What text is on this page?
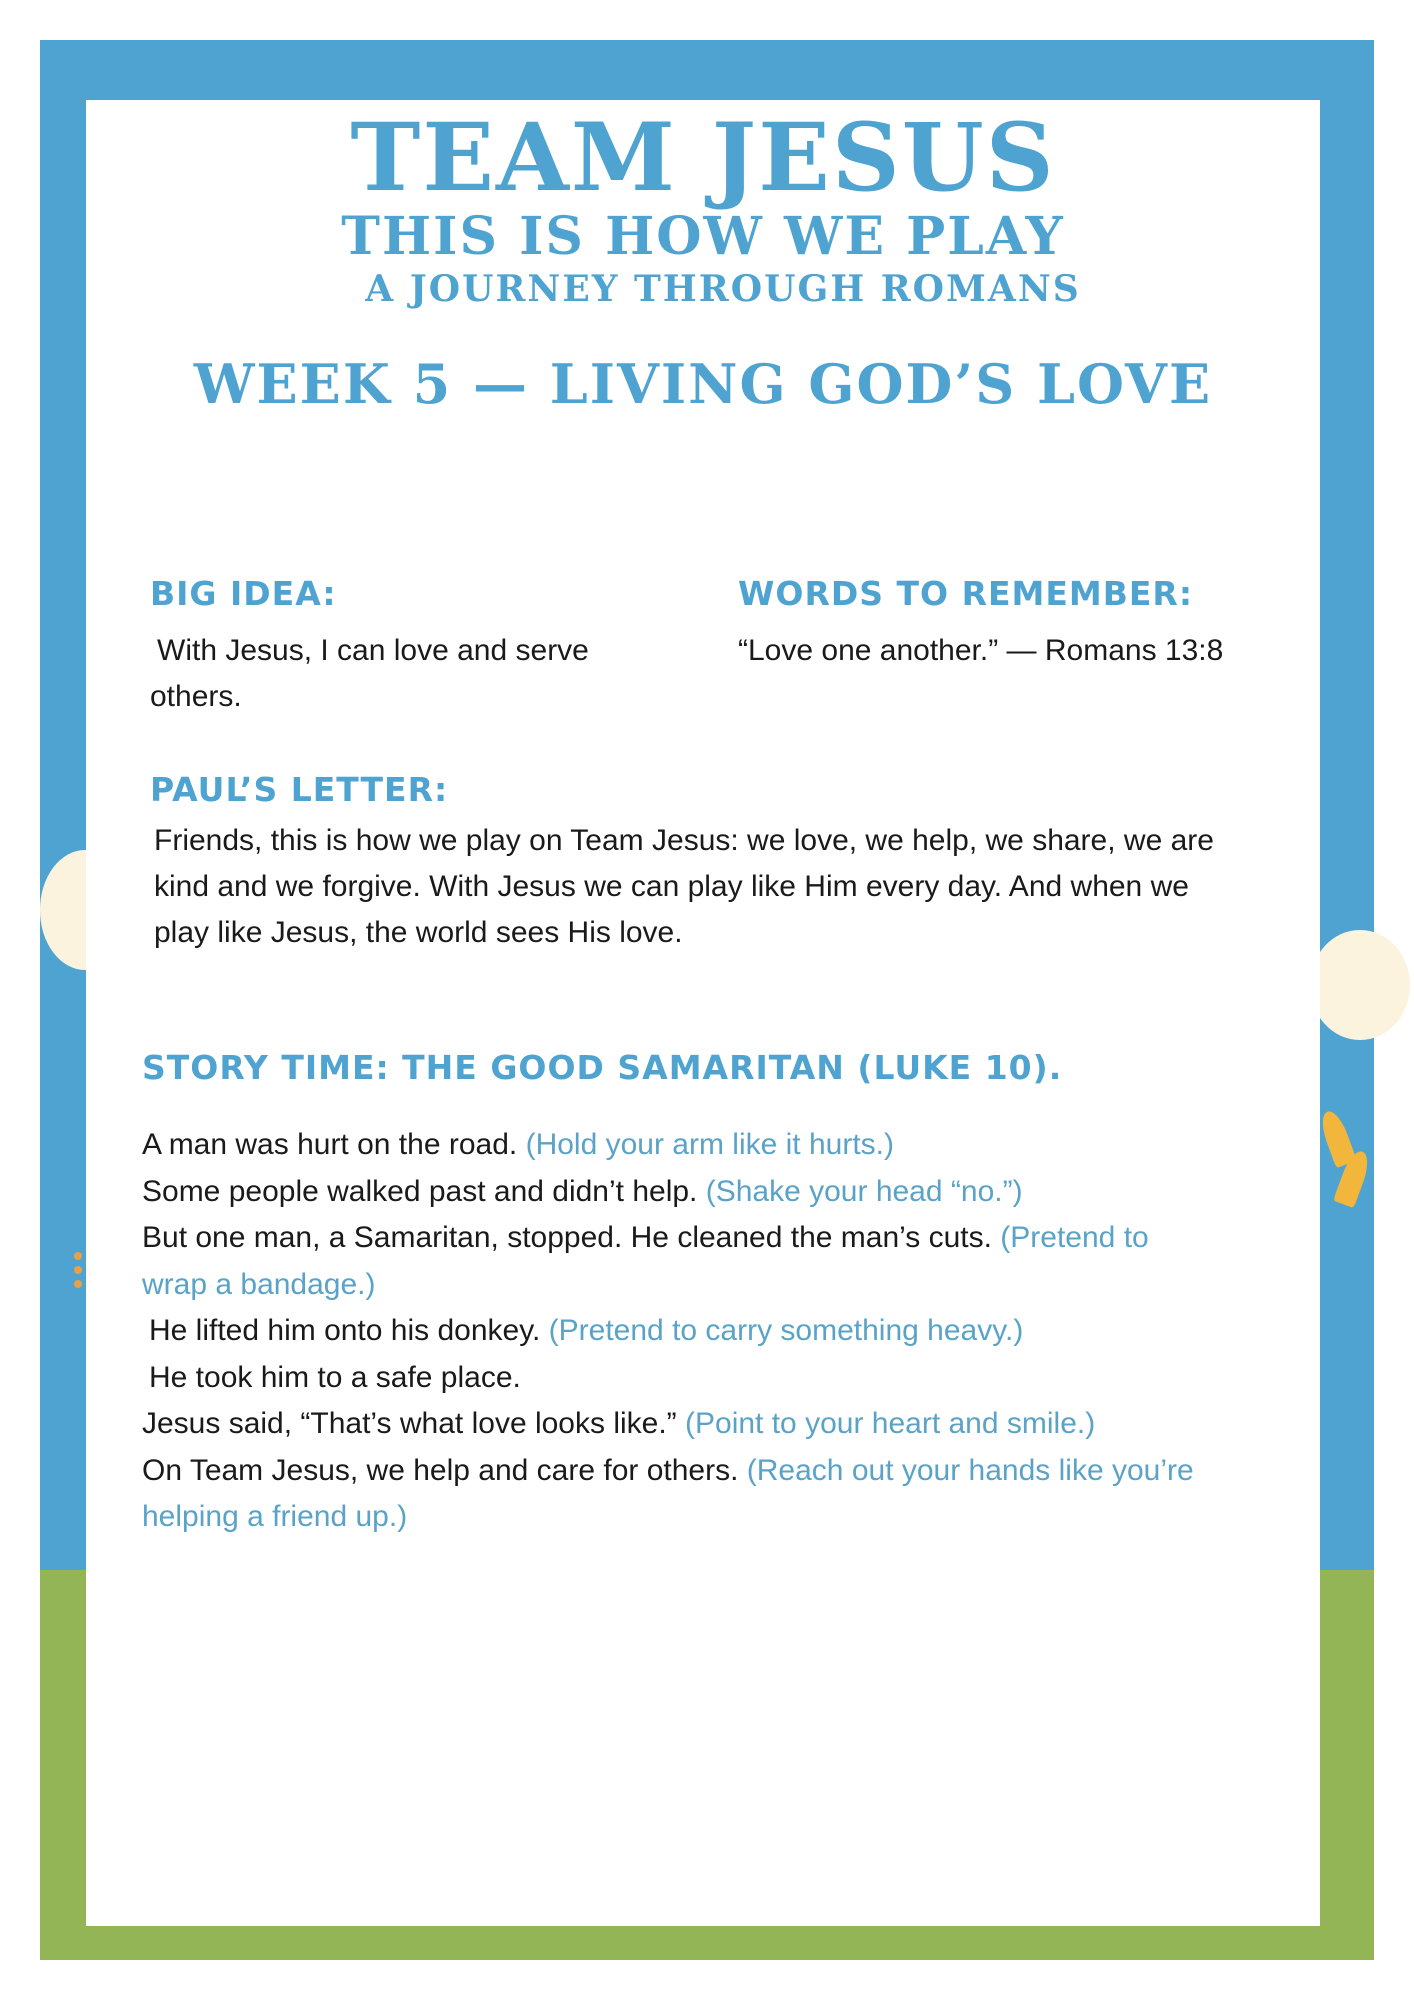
TEAM JESUS
THIS IS HOW WE PLAY
A JOURNEY THROUGH ROMANS
WEEK 5 — LIVING GOD’S LOVE
BIG IDEA:

With Jesus, I can love and serve others.

WORDS TO REMEMBER:

“Love one another.” — Romans 13:8

PAUL’S LETTER:

Friends, this is how we play on Team Jesus: we love, we help, we share, we are kind and we forgive. With Jesus we can play like Him every day. And when we play like Jesus, the world sees His love.

STORY TIME: THE GOOD SAMARITAN (LUKE 10).

A man was hurt on the road. (Hold your arm like it hurts.)

Some people walked past and didn’t help. (Shake your head “no.”)

But one man, a Samaritan, stopped. He cleaned the man’s cuts. (Pretend to wrap a bandage.)

He lifted him onto his donkey. (Pretend to carry something heavy.)

He took him to a safe place.

Jesus said, “That’s what love looks like.” (Point to your heart and smile.)

On Team Jesus, we help and care for others. (Reach out your hands like you’re helping a friend up.)
